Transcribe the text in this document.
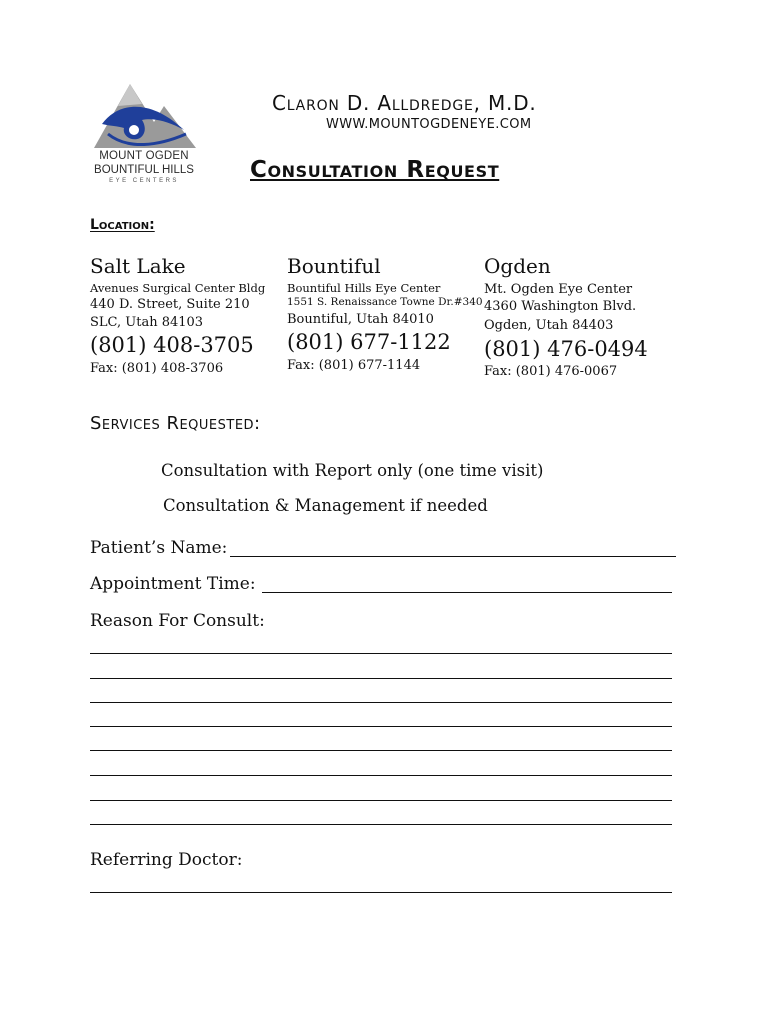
MOUNT OGDEN
BOUNTIFUL HILLS
EYE CENTERS
Claron D. Alldredge, M.D.
WWW.MOUNTOGDENEYE.COM
Consultation Request
Location:
Salt Lake
Avenues Surgical Center Bldg
440 D. Street, Suite 210
SLC, Utah 84103
(801) 408-3705
Fax: (801) 408-3706
Bountiful
Bountiful Hills Eye Center
1551 S. Renaissance Towne Dr.#340
Bountiful, Utah 84010
(801) 677-1122
Fax: (801) 677-1144
Ogden
Mt. Ogden Eye Center
4360 Washington Blvd.
Ogden, Utah 84403
(801) 476-0494
Fax: (801) 476-0067
Services Requested:
Consultation with Report only (one time visit)
Consultation & Management if needed
Patient’s Name:
Appointment Time:
Reason For Consult:
Referring Doctor:
